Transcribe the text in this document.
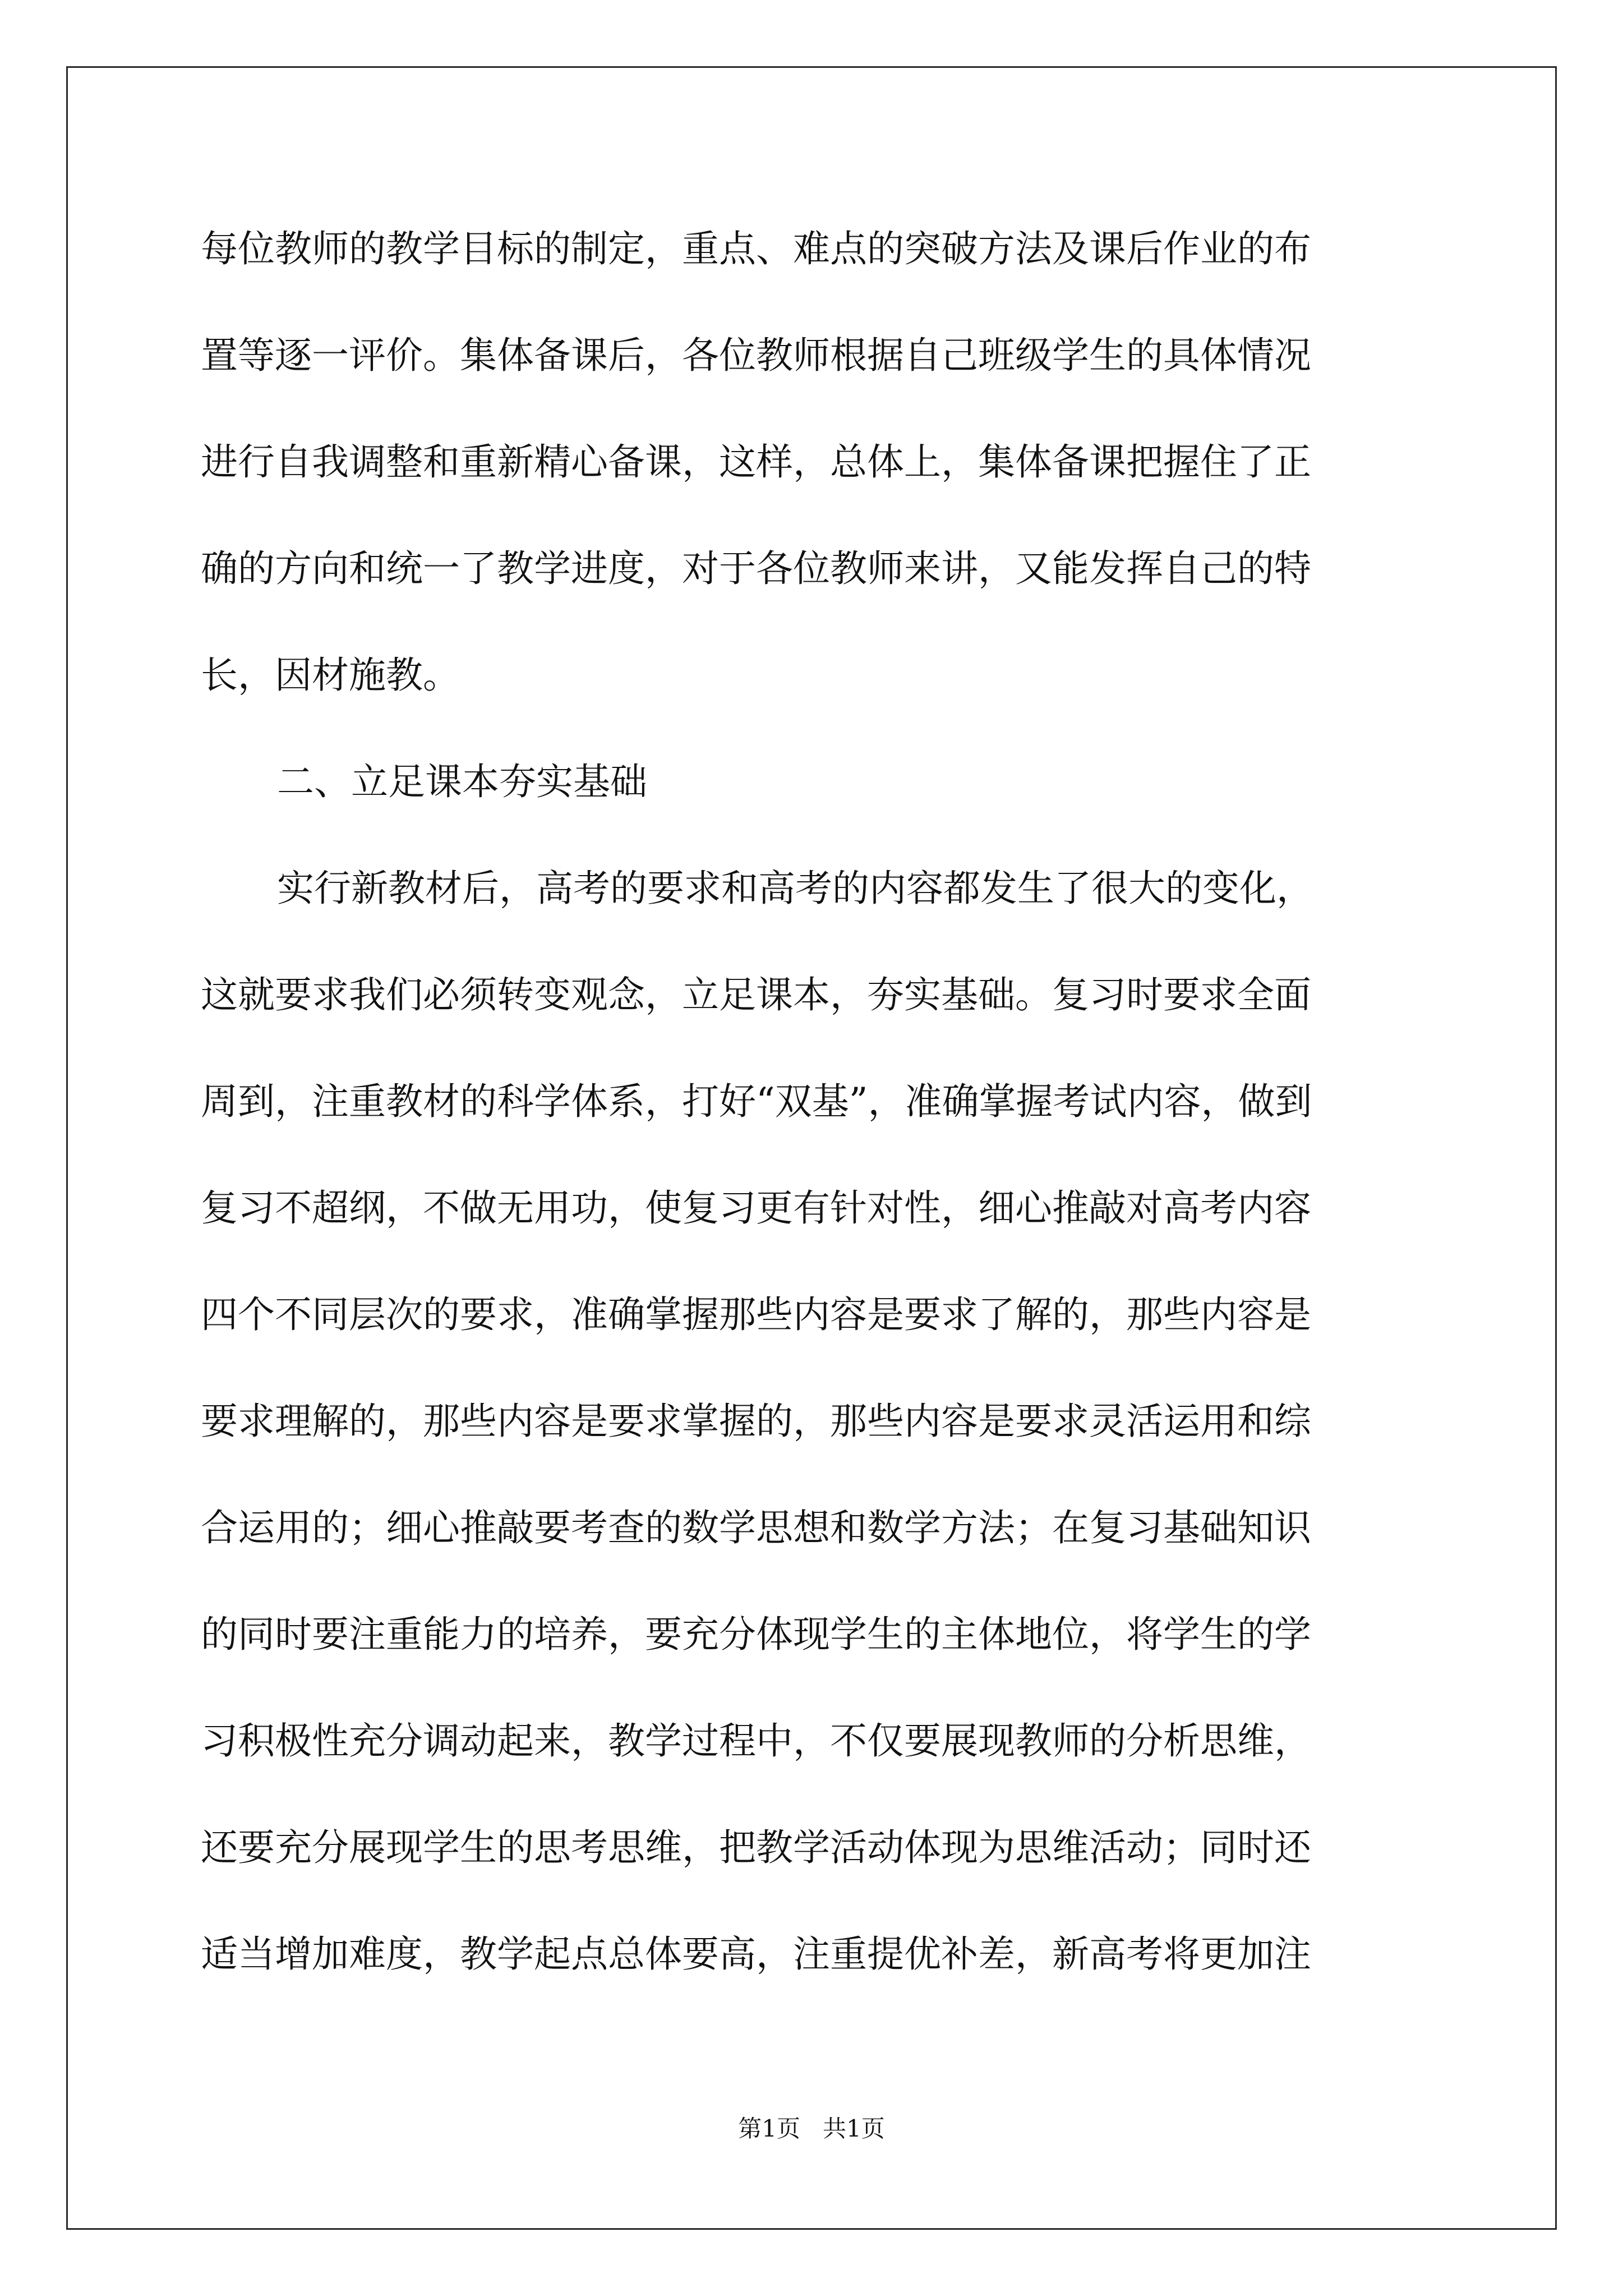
每位教师的教学目标的制定，重点、难点的突破方法及课后作业的布
置等逐一评价。集体备课后，各位教师根据自己班级学生的具体情况
进行自我调整和重新精心备课，这样，总体上，集体备课把握住了正
确的方向和统一了教学进度，对于各位教师来讲，又能发挥自己的特
长，因材施教。
二、立足课本夯实基础
实行新教材后，高考的要求和高考的内容都发生了很大的变化，
这就要求我们必须转变观念，立足课本，夯实基础。复习时要求全面
周到，注重教材的科学体系，打好“双基”，准确掌握考试内容，做到
复习不超纲，不做无用功，使复习更有针对性，细心推敲对高考内容
四个不同层次的要求，准确掌握那些内容是要求了解的，那些内容是
要求理解的，那些内容是要求掌握的，那些内容是要求灵活运用和综
合运用的；细心推敲要考查的数学思想和数学方法；在复习基础知识
的同时要注重能力的培养，要充分体现学生的主体地位，将学生的学
习积极性充分调动起来，教学过程中，不仅要展现教师的分析思维，
还要充分展现学生的思考思维，把教学活动体现为思维活动；同时还
适当增加难度，教学起点总体要高，注重提优补差，新高考将更加注
第1页   共1页
